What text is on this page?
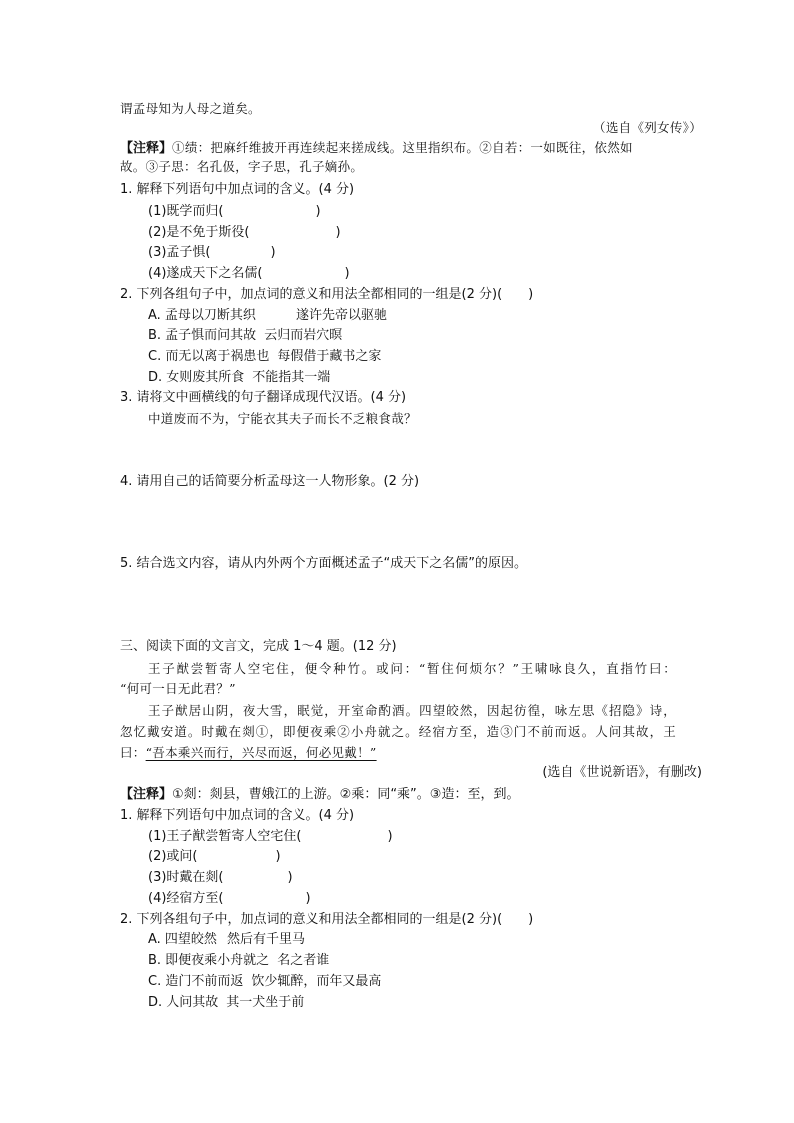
谓孟母知为人母之道矣。
（选自《列女传》）
【注释】①绩：把麻纤维披开再连续起来搓成线。这里指织布。②自若：一如既往，依然如
故。③子思：名孔伋，字子思，孔子嫡孙。
1. 解释下列语句中加点词的含义。(4 分)
(1)既学而归(	)
(2)是不免于斯役(	)
(3)孟子惧(	)
(4)遂成天下之名儒(	)
2. 下列各组句子中，加点词的意义和用法全都相同的一组是(2 分)( )
A. 孟母以刀断其织	遂许先帝以驱驰
B. 孟子惧而问其故 云归而岩穴暝
C. 而无以离于祸患也 每假借于藏书之家
D. 女则废其所食 不能指其一端
3. 请将文中画横线的句子翻译成现代汉语。(4 分)
中道废而不为，宁能衣其夫子而长不乏粮食哉？
4. 请用自己的话简要分析孟母这一人物形象。(2 分)
5. 结合选文内容，请从内外两个方面概述孟子“成天下之名儒”的原因。
三、阅读下面的文言文，完成 1～4 题。(12 分)
王子猷尝暂寄人空宅住，便令种竹。或问：“暂住何烦尔？”王啸咏良久，直指竹曰：
“何可一日无此君？”
王子猷居山阴，夜大雪，眠觉，开室命酌酒。四望皎然，因起彷徨，咏左思《招隐》诗，
忽忆戴安道。时戴在剡①，即便夜乘②小舟就之。经宿方至，造③门不前而返。人问其故，王
曰：“吾本乘兴而行，兴尽而返，何必见戴！”
(选自《世说新语》，有删改)
【注释】①剡：剡县，曹娥江的上游。②乘：同“乘”。③造：至，到。
1. 解释下列语句中加点词的含义。(4 分)
(1)王子猷尝暂寄人空宅住(	)
(2)或问(	)
(3)时戴在剡(	)
(4)经宿方至(	)
2. 下列各组句子中，加点词的意义和用法全都相同的一组是(2 分)( )
A. 四望皎然 然后有千里马
B. 即便夜乘小舟就之 名之者谁
C. 造门不前而返 饮少辄醉，而年又最高
D. 人问其故 其一犬坐于前
